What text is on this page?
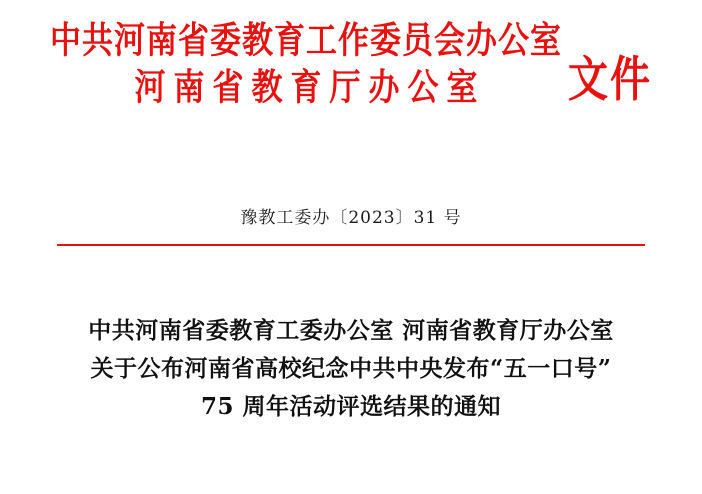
中共河南省委教育工作委员会办公室
河南省教育厅办公室 文件
豫教工委办〔2023〕31 号
中共河南省委教育工委办公室 河南省教育厅办公室
关于公布河南省高校纪念中共中央发布“五一口号”
75 周年活动评选结果的通知
